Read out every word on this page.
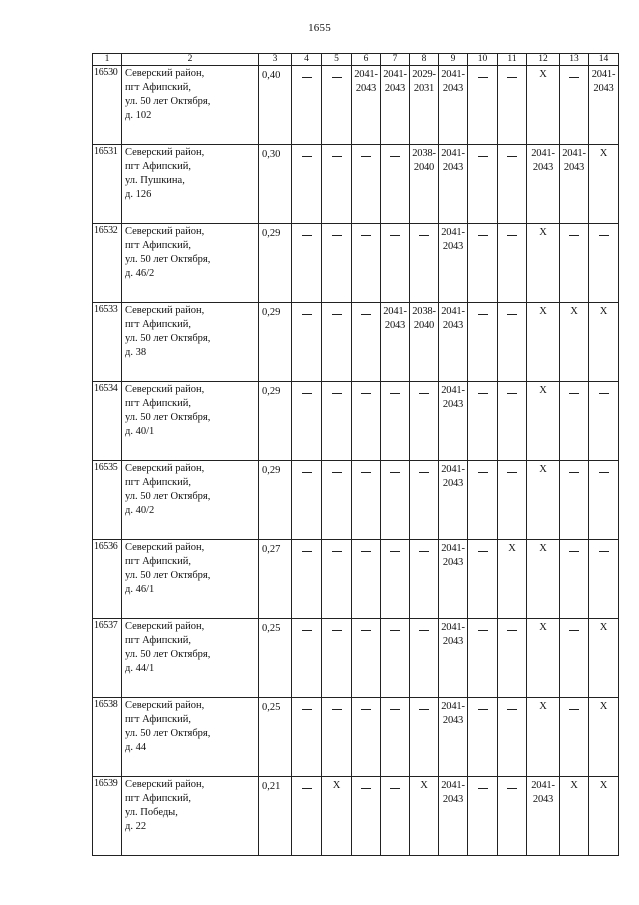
1655
1	2	3	4	5	6	7	8	9	10	11	12	13	14
16530	Северский район,
пгт Афипский,
ул. 50 лет Октября,
д. 102	0,40			2041-
2043	2041-
2043	2029-
2031	2041-
2043			Х		2041-
2043
16531	Северский район,
пгт Афипский,
ул. Пушкина,
д. 126	0,30					2038-
2040	2041-
2043			2041-
2043	2041-
2043	Х
16532	Северский район,
пгт Афипский,
ул. 50 лет Октября,
д. 46/2	0,29						2041-
2043			Х		
16533	Северский район,
пгт Афипский,
ул. 50 лет Октября,
д. 38	0,29				2041-
2043	2038-
2040	2041-
2043			Х	Х	Х
16534	Северский район,
пгт Афипский,
ул. 50 лет Октября,
д. 40/1	0,29						2041-
2043			Х		
16535	Северский район,
пгт Афипский,
ул. 50 лет Октября,
д. 40/2	0,29						2041-
2043			Х		
16536	Северский район,
пгт Афипский,
ул. 50 лет Октября,
д. 46/1	0,27						2041-
2043		Х	Х		
16537	Северский район,
пгт Афипский,
ул. 50 лет Октября,
д. 44/1	0,25						2041-
2043			Х		Х
16538	Северский район,
пгт Афипский,
ул. 50 лет Октября,
д. 44	0,25						2041-
2043			Х		Х
16539	Северский район,
пгт Афипский,
ул. Победы,
д. 22	0,21		Х			Х	2041-
2043			2041-
2043	Х	Х
